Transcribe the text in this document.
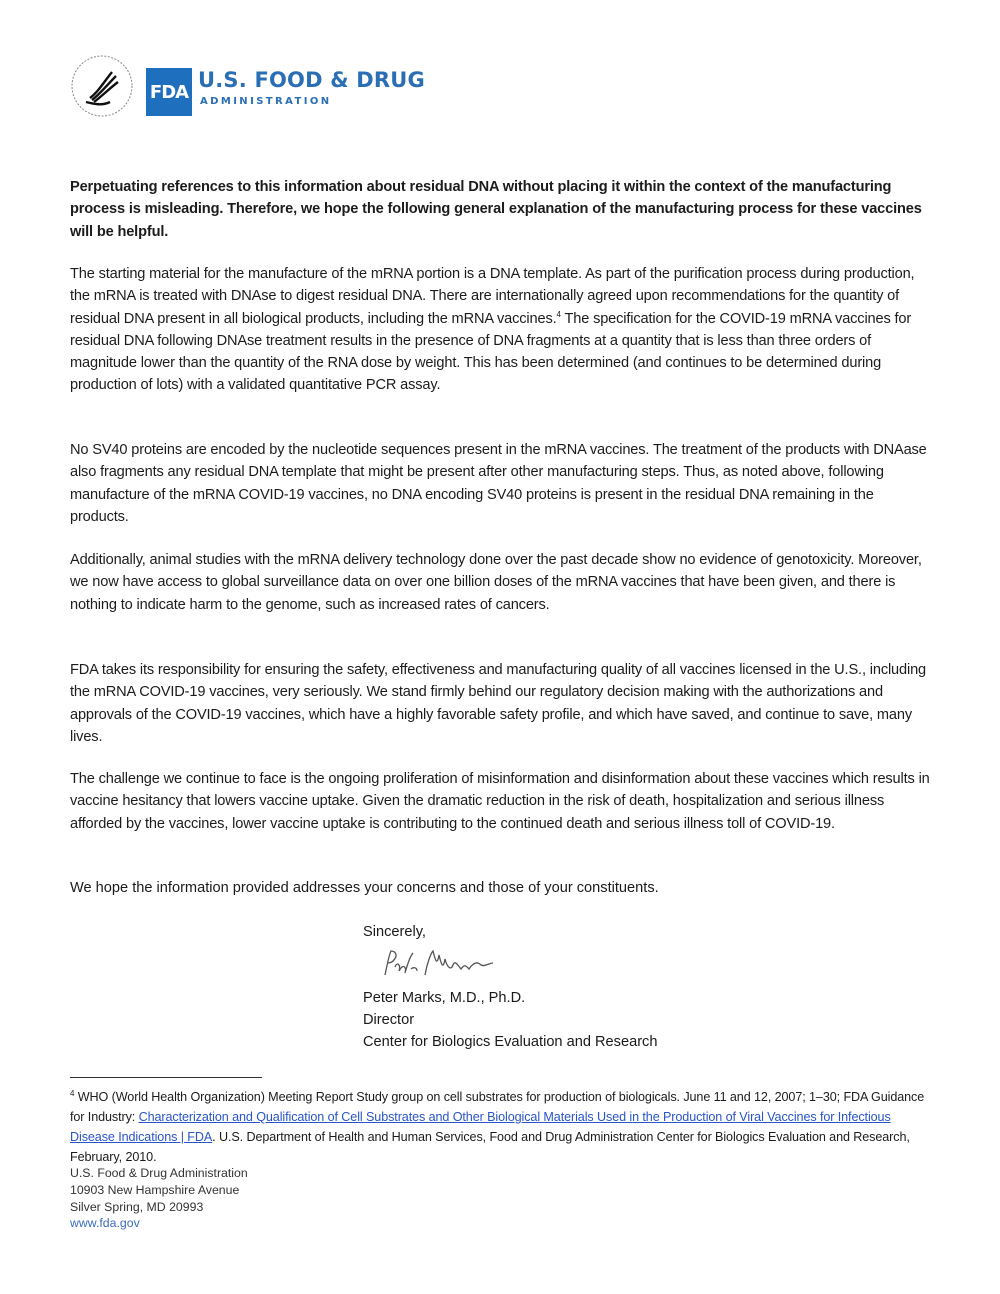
FDA U.S. FOOD & DRUG
ADMINISTRATION

Perpetuating references to this information about residual DNA without placing it within the context of the manufacturing process is misleading. Therefore, we hope the following general explanation of the manufacturing process for these vaccines will be helpful.

The starting material for the manufacture of the mRNA portion is a DNA template. As part of the purification process during production, the mRNA is treated with DNAse to digest residual DNA. There are internationally agreed upon recommendations for the quantity of residual DNA present in all biological products, including the mRNA vaccines.$^4$ The specification for the COVID-19 mRNA vaccines for residual DNA following DNAse treatment results in the presence of DNA fragments at a quantity that is less than three orders of magnitude lower than the quantity of the RNA dose by weight. This has been determined (and continues to be determined during production of lots) with a validated quantitative PCR assay.

No SV40 proteins are encoded by the nucleotide sequences present in the mRNA vaccines. The treatment of the products with DNAase also fragments any residual DNA template that might be present after other manufacturing steps. Thus, as noted above, following manufacture of the mRNA COVID-19 vaccines, no DNA encoding SV40 proteins is present in the residual DNA remaining in the products.

Additionally, animal studies with the mRNA delivery technology done over the past decade show no evidence of genotoxicity. Moreover, we now have access to global surveillance data on over one billion doses of the mRNA vaccines that have been given, and there is nothing to indicate harm to the genome, such as increased rates of cancers.

FDA takes its responsibility for ensuring the safety, effectiveness and manufacturing quality of all vaccines licensed in the U.S., including the mRNA COVID-19 vaccines, very seriously. We stand firmly behind our regulatory decision making with the authorizations and approvals of the COVID-19 vaccines, which have a highly favorable safety profile, and which have saved, and continue to save, many lives.

The challenge we continue to face is the ongoing proliferation of misinformation and disinformation about these vaccines which results in vaccine hesitancy that lowers vaccine uptake. Given the dramatic reduction in the risk of death, hospitalization and serious illness afforded by the vaccines, lower vaccine uptake is contributing to the continued death and serious illness toll of COVID-19.

We hope the information provided addresses your concerns and those of your constituents.
Sincerely,
Peter Marks, M.D., Ph.D.
Director
Center for Biologics Evaluation and Research
$^4$ WHO (World Health Organization) Meeting Report Study group on cell substrates for production of biologicals. June 11 and 12, 2007; 1–30; FDA Guidance for Industry: Characterization and Qualification of Cell Substrates and Other Biological Materials Used in the Production of Viral Vaccines for Infectious Disease Indications | FDA. U.S. Department of Health and Human Services, Food and Drug Administration Center for Biologics Evaluation and Research, February, 2010.
U.S. Food & Drug Administration
10903 New Hampshire Avenue
Silver Spring, MD 20993
www.fda.gov
